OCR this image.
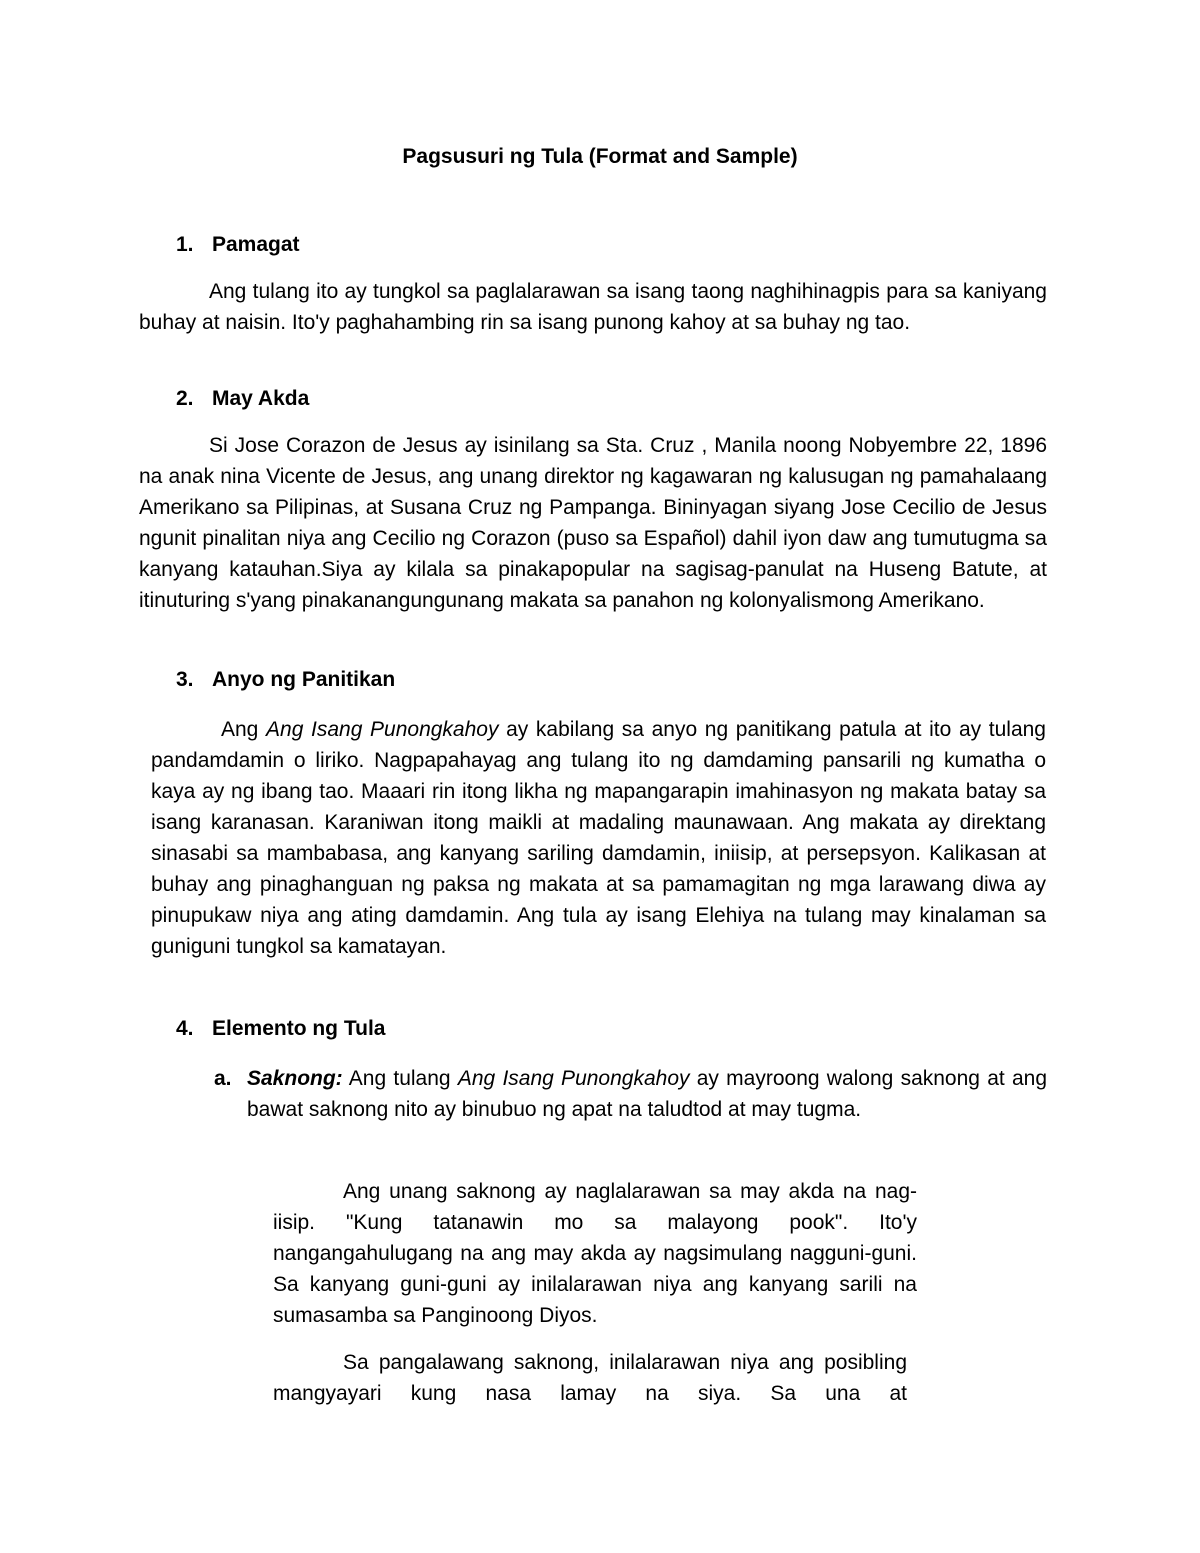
Pagsusuri ng Tula (Format and Sample)
1. Pamagat

Ang tulang ito ay tungkol sa paglalarawan sa isang taong naghihinagpis para sa kaniyang buhay at naisin. Ito'y paghahambing rin sa isang punong kahoy at sa buhay ng tao.

2. May Akda

Si Jose Corazon de Jesus ay isinilang sa Sta. Cruz , Manila noong Nobyembre 22, 1896 na anak nina Vicente de Jesus, ang unang direktor ng kagawaran ng kalusugan ng pamahalaang Amerikano sa Pilipinas, at Susana Cruz ng Pampanga. Bininyagan siyang Jose Cecilio de Jesus ngunit pinalitan niya ang Cecilio ng Corazon (puso sa Español) dahil iyon daw ang tumutugma sa kanyang katauhan.Siya ay kilala sa pinakapopular na sagisag-panulat na Huseng Batute, at itinuturing s'yang pinakanangungunang makata sa panahon ng kolonyalismong Amerikano.

3. Anyo ng Panitikan

Ang Ang Isang Punongkahoy ay kabilang sa anyo ng panitikang patula at ito ay tulang pandamdamin o liriko. Nagpapahayag ang tulang ito ng damdaming pansarili ng kumatha o kaya ay ng ibang tao. Maaari rin itong likha ng mapangarapin imahinasyon ng makata batay sa isang karanasan. Karaniwan itong maikli at madaling maunawaan. Ang makata ay direktang sinasabi sa mambabasa, ang kanyang sariling damdamin, iniisip, at persepsyon. Kalikasan at buhay ang pinaghanguan ng paksa ng makata at sa pamamagitan ng mga larawang diwa ay pinupukaw niya ang ating damdamin. Ang tula ay isang Elehiya na tulang may kinalaman sa guniguni tungkol sa kamatayan.

4. Elemento ng Tula
a. Saknong: Ang tulang Ang Isang Punongkahoy ay mayroong walong saknong at ang bawat saknong nito ay binubuo ng apat na taludtod at may tugma.

Ang unang saknong ay naglalarawan sa may akda na nag-iisip. "Kung tatanawin mo sa malayong pook". Ito'y nangangahulugang na ang may akda ay nagsimulang nagguni-guni. Sa kanyang guni-guni ay inilalarawan niya ang kanyang sarili na sumasamba sa Panginoong Diyos.

Sa pangalawang saknong, inilalarawan niya ang posibling mangyayari kung nasa lamay na siya. Sa una at
